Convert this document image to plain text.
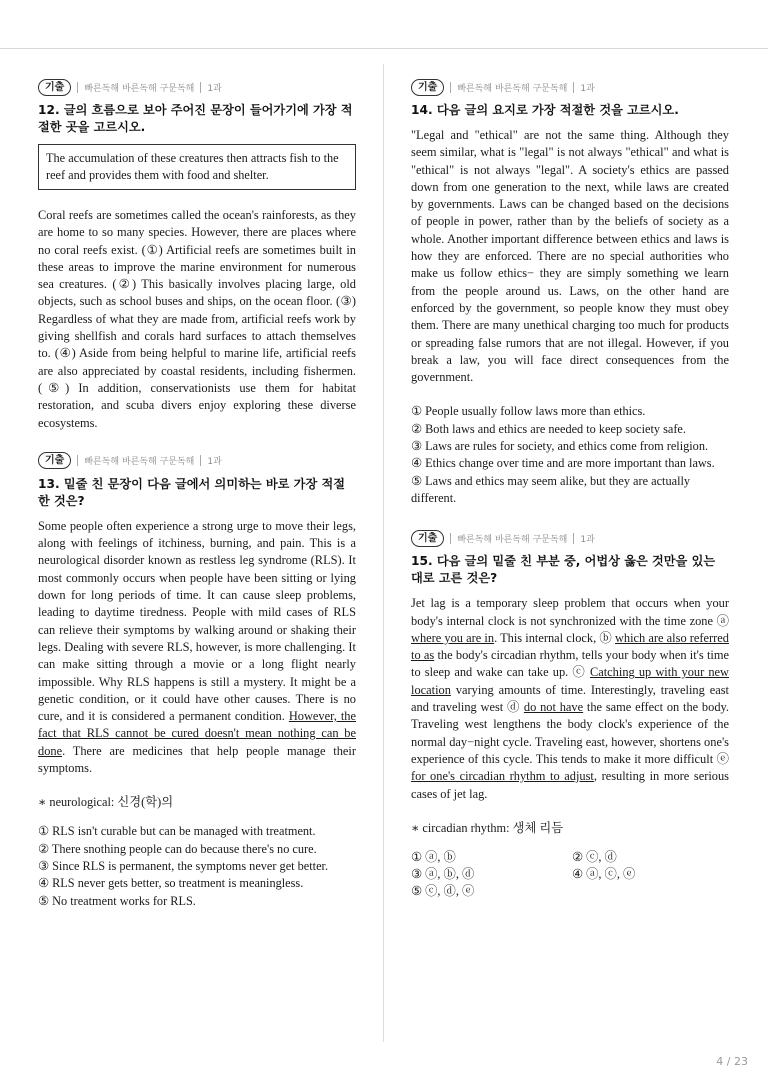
기출	빠른독해 바른독해 구문독해 1과

12. 글의 흐름으로 보아 주어진 문장이 들어가기에 가장 적절한 곳을 고르시오.

The accumulation of these creatures then attracts fish to the reef and provides them with food and shelter.

Coral reefs are sometimes called the ocean's rainforests, as they are home to so many species. However, there are places where no coral reefs exist. (①) Artificial reefs are sometimes built in these areas to improve the marine environment for numerous sea creatures. (②) This basically involves placing large, old objects, such as school buses and ships, on the ocean floor. (③) Regardless of what they are made from, artificial reefs work by giving shellfish and corals hard surfaces to attach themselves to. (④) Aside from being helpful to marine life, artificial reefs are also appreciated by coastal residents, including fishermen. (⑤) In addition, conservationists use them for habitat restoration, and scuba divers enjoy exploring these diverse ecosystems.

기출	빠른독해 바른독해 구문독해 1과

13. 밑줄 친 문장이 다음 글에서 의미하는 바로 가장 적절한 것은?

Some people often experience a strong urge to move their legs, along with feelings of itchiness, burning, and pain. This is a neurological disorder known as restless leg syndrome (RLS). It most commonly occurs when people have been sitting or lying down for long periods of time. It can cause sleep problems, leading to daytime tiredness. People with mild cases of RLS can relieve their symptoms by walking around or shaking their legs. Dealing with severe RLS, however, is more challenging. It can make sitting through a movie or a long flight nearly impossible. Why RLS happens is still a mystery. It might be a genetic condition, or it could have other causes. There is no cure, and it is considered a permanent condition. However, the fact that RLS cannot be cured doesn't mean nothing can be done. There are medicines that help people manage their symptoms.

∗ neurological: 신경(학)의

① RLS isn't curable but can be managed with treatment.

② There snothing people can do because there's no cure.

③ Since RLS is permanent, the symptoms never get better.

④ RLS never gets better, so treatment is meaningless.

⑤ No treatment works for RLS.

기출	빠른독해 바른독해 구문독해 1과

14. 다음 글의 요지로 가장 적절한 것을 고르시오.

"Legal and "ethical" are not the same thing. Although they seem similar, what is "legal" is not always "ethical" and what is "ethical" is not always "legal". A society's ethics are passed down from one generation to the next, while laws are created by governments. Laws can be changed based on the decisions of people in power, rather than by the beliefs of society as a whole. Another important difference between ethics and laws is how they are enforced. There are no special authorities who make us follow ethics− they are simply something we learn from the people around us. Laws, on the other hand are enforced by the government, so people know they must obey them. There are many unethical charging too much for products or spreading false rumors that are not illegal. However, if you break a law, you will face direct consequences from the government.

① People usually follow laws more than ethics.

② Both laws and ethics are needed to keep society safe.

③ Laws are rules for society, and ethics come from religion.

④ Ethics change over time and are more important than laws.

⑤ Laws and ethics may seem alike, but they are actually different.

기출	빠른독해 바른독해 구문독해 1과

15. 다음 글의 밑줄 친 부분 중, 어법상 옳은 것만을 있는 대로 고른 것은?

Jet lag is a temporary sleep problem that occurs when your body's internal clock is not synchronized with the time zone ⓐ where you are in. This internal clock, ⓑ which are also referred to as the body's circadian rhythm, tells your body when it's time to sleep and wake can take up. ⓒ Catching up with your new location varying amounts of time. Interestingly, traveling east and traveling west ⓓ do not have the same effect on the body. Traveling west lengthens the body clock's experience of the normal day−night cycle. Traveling east, however, shortens one's experience of this cycle. This tends to make it more difficult ⓔ for one's circadian rhythm to adjust, resulting in more serious cases of jet lag.

∗ circadian rhythm: 생체 리듬

① ⓐ, ⓑ	② ⓒ, ⓓ
③ ⓐ, ⓑ, ⓓ	④ ⓐ, ⓒ, ⓔ
⑤ ⓒ, ⓓ, ⓔ
4 / 23
